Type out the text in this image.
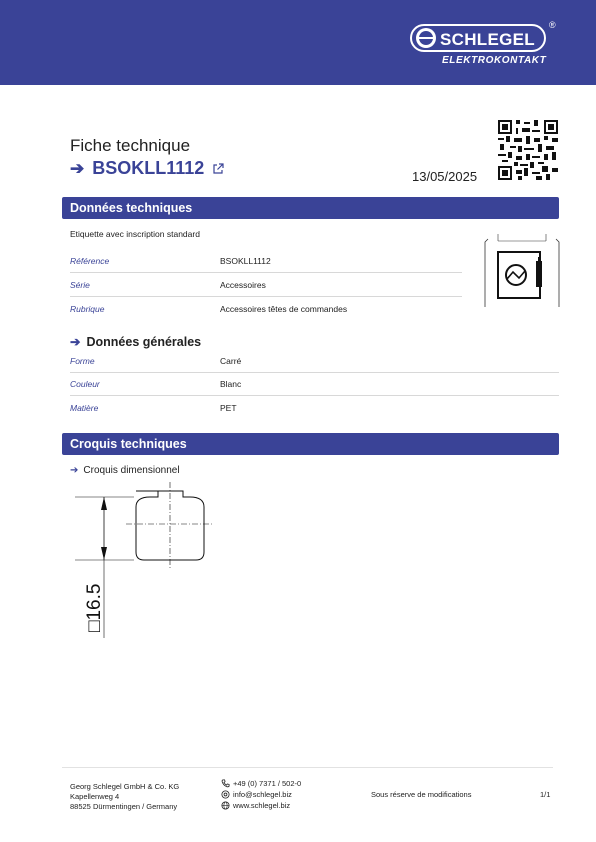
SCHLEGEL
®
ELEKTROKONTAKT
Fiche technique
➔ BSOKLL1112	13/05/2025
Données techniques
Etiquette avec inscription standard
Référence	BSOKLL1112
Série	Accessoires
Rubrique	Accessoires têtes de commandes
➔ Données générales
Forme	Carré
Couleur	Blanc
Matière	PET
Croquis techniques
➔ Croquis dimensionnel
□16.5
Georg Schlegel GmbH & Co. KG
Kapellenweg 4
88525 Dürmentingen / Germany
+49 (0) 7371 / 502-0
info@schlegel.biz
www.schlegel.biz
Sous réserve de modifications	1/1
